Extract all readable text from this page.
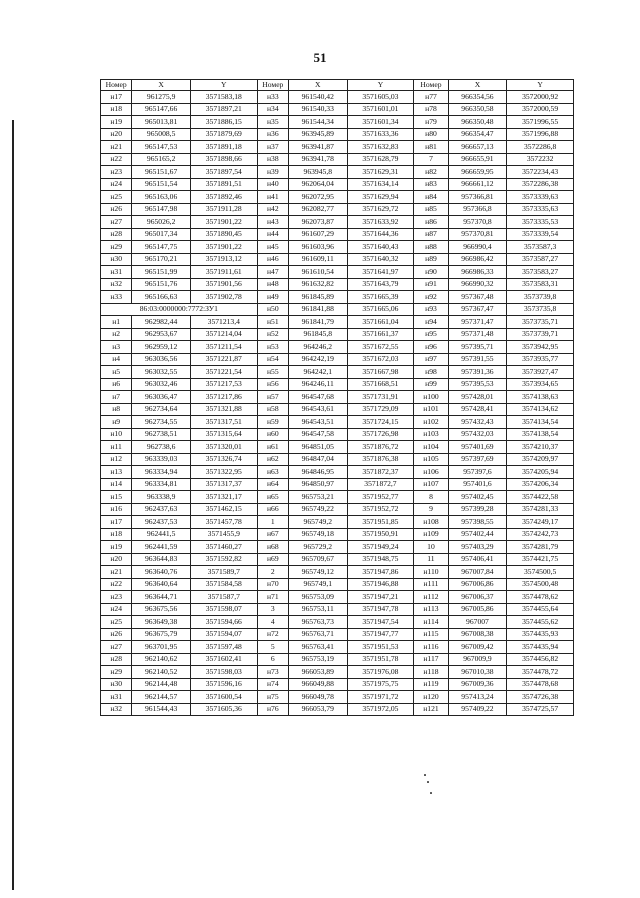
51
Номер	X	Y	Номер	X	Y	Номер	X	Y
н17	961275,9	3571583,18	н33	961540,42	3571605,03	н77	966354,56	3572000,92
н18	965147,66	3571897,21	н34	961540,33	3571601,01	н78	966350,58	3572000,59
н19	965013,81	3571886,15	н35	961544,34	3571601,34	н79	966350,48	3571996,55
н20	965008,5	3571879,69	н36	963945,89	3571633,36	н80	966354,47	3571996,88
н21	965147,53	3571891,18	н37	963941,87	3571632,83	н81	966657,13	3572286,8
н22	965165,2	3571898,66	н38	963941,78	3571628,79	7	966655,91	3572232
н23	965151,67	3571897,54	н39	963945,8	3571629,31	н82	966659,95	3572234,43
н24	965151,54	3571891,51	н40	962064,04	3571634,14	н83	966661,12	3572286,38
н25	965163,06	3571892,46	н41	962072,95	3571629,94	н84	957366,81	3573339,63
н26	965147,98	3571911,28	н42	962082,77	3571629,72	н85	957366,8	3573335,63
н27	965026,2	3571901,22	н43	962073,87	3571633,92	н86	957370,8	3573335,53
н28	965017,34	3571890,45	н44	961607,29	3571644,36	н87	957370,81	3573339,54
н29	965147,75	3571901,22	н45	961603,96	3571640,43	н88	966990,4	3573587,3
н30	965170,21	3571913,12	н46	961609,11	3571640,32	н89	966986,42	3573587,27
н31	965151,99	3571911,61	н47	961610,54	3571641,97	н90	966986,33	3573583,27
н32	965151,76	3571901,56	н48	961632,82	3571643,79	н91	966990,32	3573583,31
н33	965166,63	3571902,78	н49	961845,89	3571665,39	н92	957367,48	3573739,8
86:03:0000000:7772:ЗУ1			н50	961841,88	3571665,06	н93	957367,47	3573735,8
н1	962982,44	3571213,4	н51	961841,79	3571661,04	н94	957371,47	3573735,71
н2	962953,67	3571214,04	н52	961845,8	3571661,37	н95	957371,48	3573739,71
н3	962959,12	3571211,54	н53	964246,2	3571672,55	н96	957395,71	3573942,95
н4	963036,56	3571221,87	н54	964242,19	3571672,03	н97	957391,55	3573935,77
н5	963032,55	3571221,54	н55	964242,1	3571667,98	н98	957391,36	3573927,47
н6	963032,46	3571217,53	н56	964246,11	3571668,51	н99	957395,53	3573934,65
н7	963036,47	3571217,86	н57	964547,68	3571731,91	н100	957428,01	3574138,63
н8	962734,64	3571321,88	н58	964543,61	3571729,09	н101	957428,41	3574134,62
н9	962734,55	3571317,51	н59	964543,51	3571724,15	н102	957432,43	3574134,54
н10	962738,51	3571315,64	н60	964547,58	3571726,98	н103	957432,03	3574138,54
н11	962738,6	3571320,01	н61	964851,05	3571876,72	н104	957401,69	3574210,37
н12	963339,03	3571326,74	н62	964847,04	3571876,38	н105	957397,69	3574209,97
н13	963334,94	3571322,95	н63	964846,95	3571872,37	н106	957397,6	3574205,94
н14	963334,81	3571317,37	н64	964850,97	3571872,7	н107	957401,6	3574206,34
н15	963338,9	3571321,17	н65	965753,21	3571952,77	8	957402,45	3574422,58
н16	962437,63	3571462,15	н66	965749,22	3571952,72	9	957399,28	3574281,33
н17	962437,53	3571457,78	1	965749,2	3571951,85	н108	957398,55	3574249,17
н18	962441,5	3571455,9	н67	965749,18	3571950,91	н109	957402,44	3574242,73
н19	962441,59	3571460,27	н68	965729,2	3571949,24	10	957403,29	3574281,79
н20	963644,83	3571592,82	н69	965709,67	3571948,75	11	957406,41	3574421,75
н21	963640,76	3571589,7	2	965749,12	3571947,86	н110	967007,84	3574500,5
н22	963640,64	3571584,58	н70	965749,1	3571946,88	н111	967006,86	3574500,48
н23	963644,71	3571587,7	н71	965753,09	3571947,21	н112	967006,37	3574478,62
н24	963675,56	3571598,07	3	965753,11	3571947,78	н113	967005,86	3574455,64
н25	963649,38	3571594,66	4	965763,73	3571947,54	н114	967007	3574455,62
н26	963675,79	3571594,07	н72	965763,71	3571947,77	н115	967008,38	3574435,93
н27	963701,95	3571597,48	5	965763,41	3571951,53	н116	967009,42	3574435,94
н28	962140,62	3571602,41	6	965753,19	3571951,78	н117	967009,9	3574456,82
н29	962140,52	3571598,03	н73	966053,89	3571976,08	н118	967010,38	3574478,72
н30	962144,48	3571596,16	н74	966049,88	3571975,75	н119	967009,36	3574478,68
н31	962144,57	3571600,54	н75	966049,78	3571971,72	н120	957413,24	3574726,38
н32	961544,43	3571605,36	н76	966053,79	3571972,05	н121	957409,22	3574725,57
